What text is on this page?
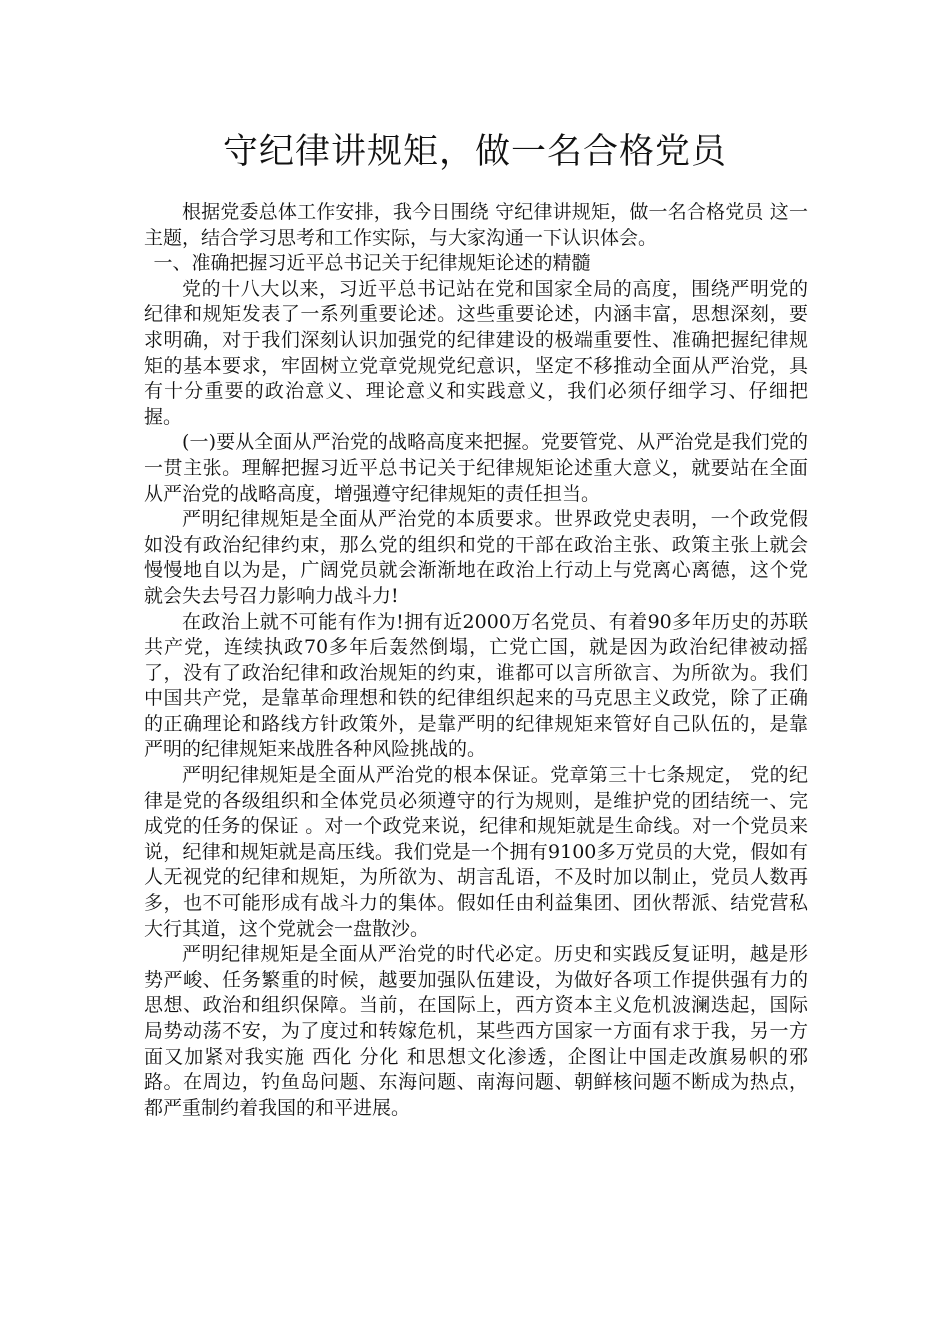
守纪律讲规矩，做一名合格党员

根据党委总体工作安排，我今日围绕 守纪律讲规矩，做一名合格党员 这一主题，结合学习思考和工作实际，与大家沟通一下认识体会。

一、准确把握习近平总书记关于纪律规矩论述的精髓

党的十八大以来，习近平总书记站在党和国家全局的高度，围绕严明党的纪律和规矩发表了一系列重要论述。这些重要论述，内涵丰富，思想深刻，要求明确，对于我们深刻认识加强党的纪律建设的极端重要性、准确把握纪律规矩的基本要求，牢固树立党章党规党纪意识，坚定不移推动全面从严治党，具有十分重要的政治意义、理论意义和实践意义，我们必须仔细学习、仔细把握。

(一)要从全面从严治党的战略高度来把握。党要管党、从严治党是我们党的一贯主张。理解把握习近平总书记关于纪律规矩论述重大意义，就要站在全面从严治党的战略高度，增强遵守纪律规矩的责任担当。

严明纪律规矩是全面从严治党的本质要求。世界政党史表明，一个政党假如没有政治纪律约束，那么党的组织和党的干部在政治主张、政策主张上就会慢慢地自以为是，广阔党员就会渐渐地在政治上行动上与党离心离德，这个党就会失去号召力影响力战斗力!

在政治上就不可能有作为!拥有近2000万名党员、有着90多年历史的苏联共产党，连续执政70多年后轰然倒塌，亡党亡国，就是因为政治纪律被动摇了，没有了政治纪律和政治规矩的约束，谁都可以言所欲言、为所欲为。我们中国共产党，是靠革命理想和铁的纪律组织起来的马克思主义政党，除了正确的正确理论和路线方针政策外，是靠严明的纪律规矩来管好自己队伍的，是靠严明的纪律规矩来战胜各种风险挑战的。

严明纪律规矩是全面从严治党的根本保证。党章第三十七条规定， 党的纪律是党的各级组织和全体党员必须遵守的行为规则，是维护党的团结统一、完成党的任务的保证 。对一个政党来说，纪律和规矩就是生命线。对一个党员来说，纪律和规矩就是高压线。我们党是一个拥有9100多万党员的大党，假如有人无视党的纪律和规矩，为所欲为、胡言乱语，不及时加以制止，党员人数再多，也不可能形成有战斗力的集体。假如任由利益集团、团伙帮派、结党营私大行其道，这个党就会一盘散沙。

严明纪律规矩是全面从严治党的时代必定。历史和实践反复证明，越是形势严峻、任务繁重的时候，越要加强队伍建设，为做好各项工作提供强有力的思想、政治和组织保障。当前，在国际上，西方资本主义危机波澜迭起，国际局势动荡不安，为了度过和转嫁危机，某些西方国家一方面有求于我，另一方面又加紧对我实施 西化 分化 和思想文化渗透，企图让中国走改旗易帜的邪路。在周边，钓鱼岛问题、东海问题、南海问题、朝鲜核问题不断成为热点，都严重制约着我国的和平进展。
